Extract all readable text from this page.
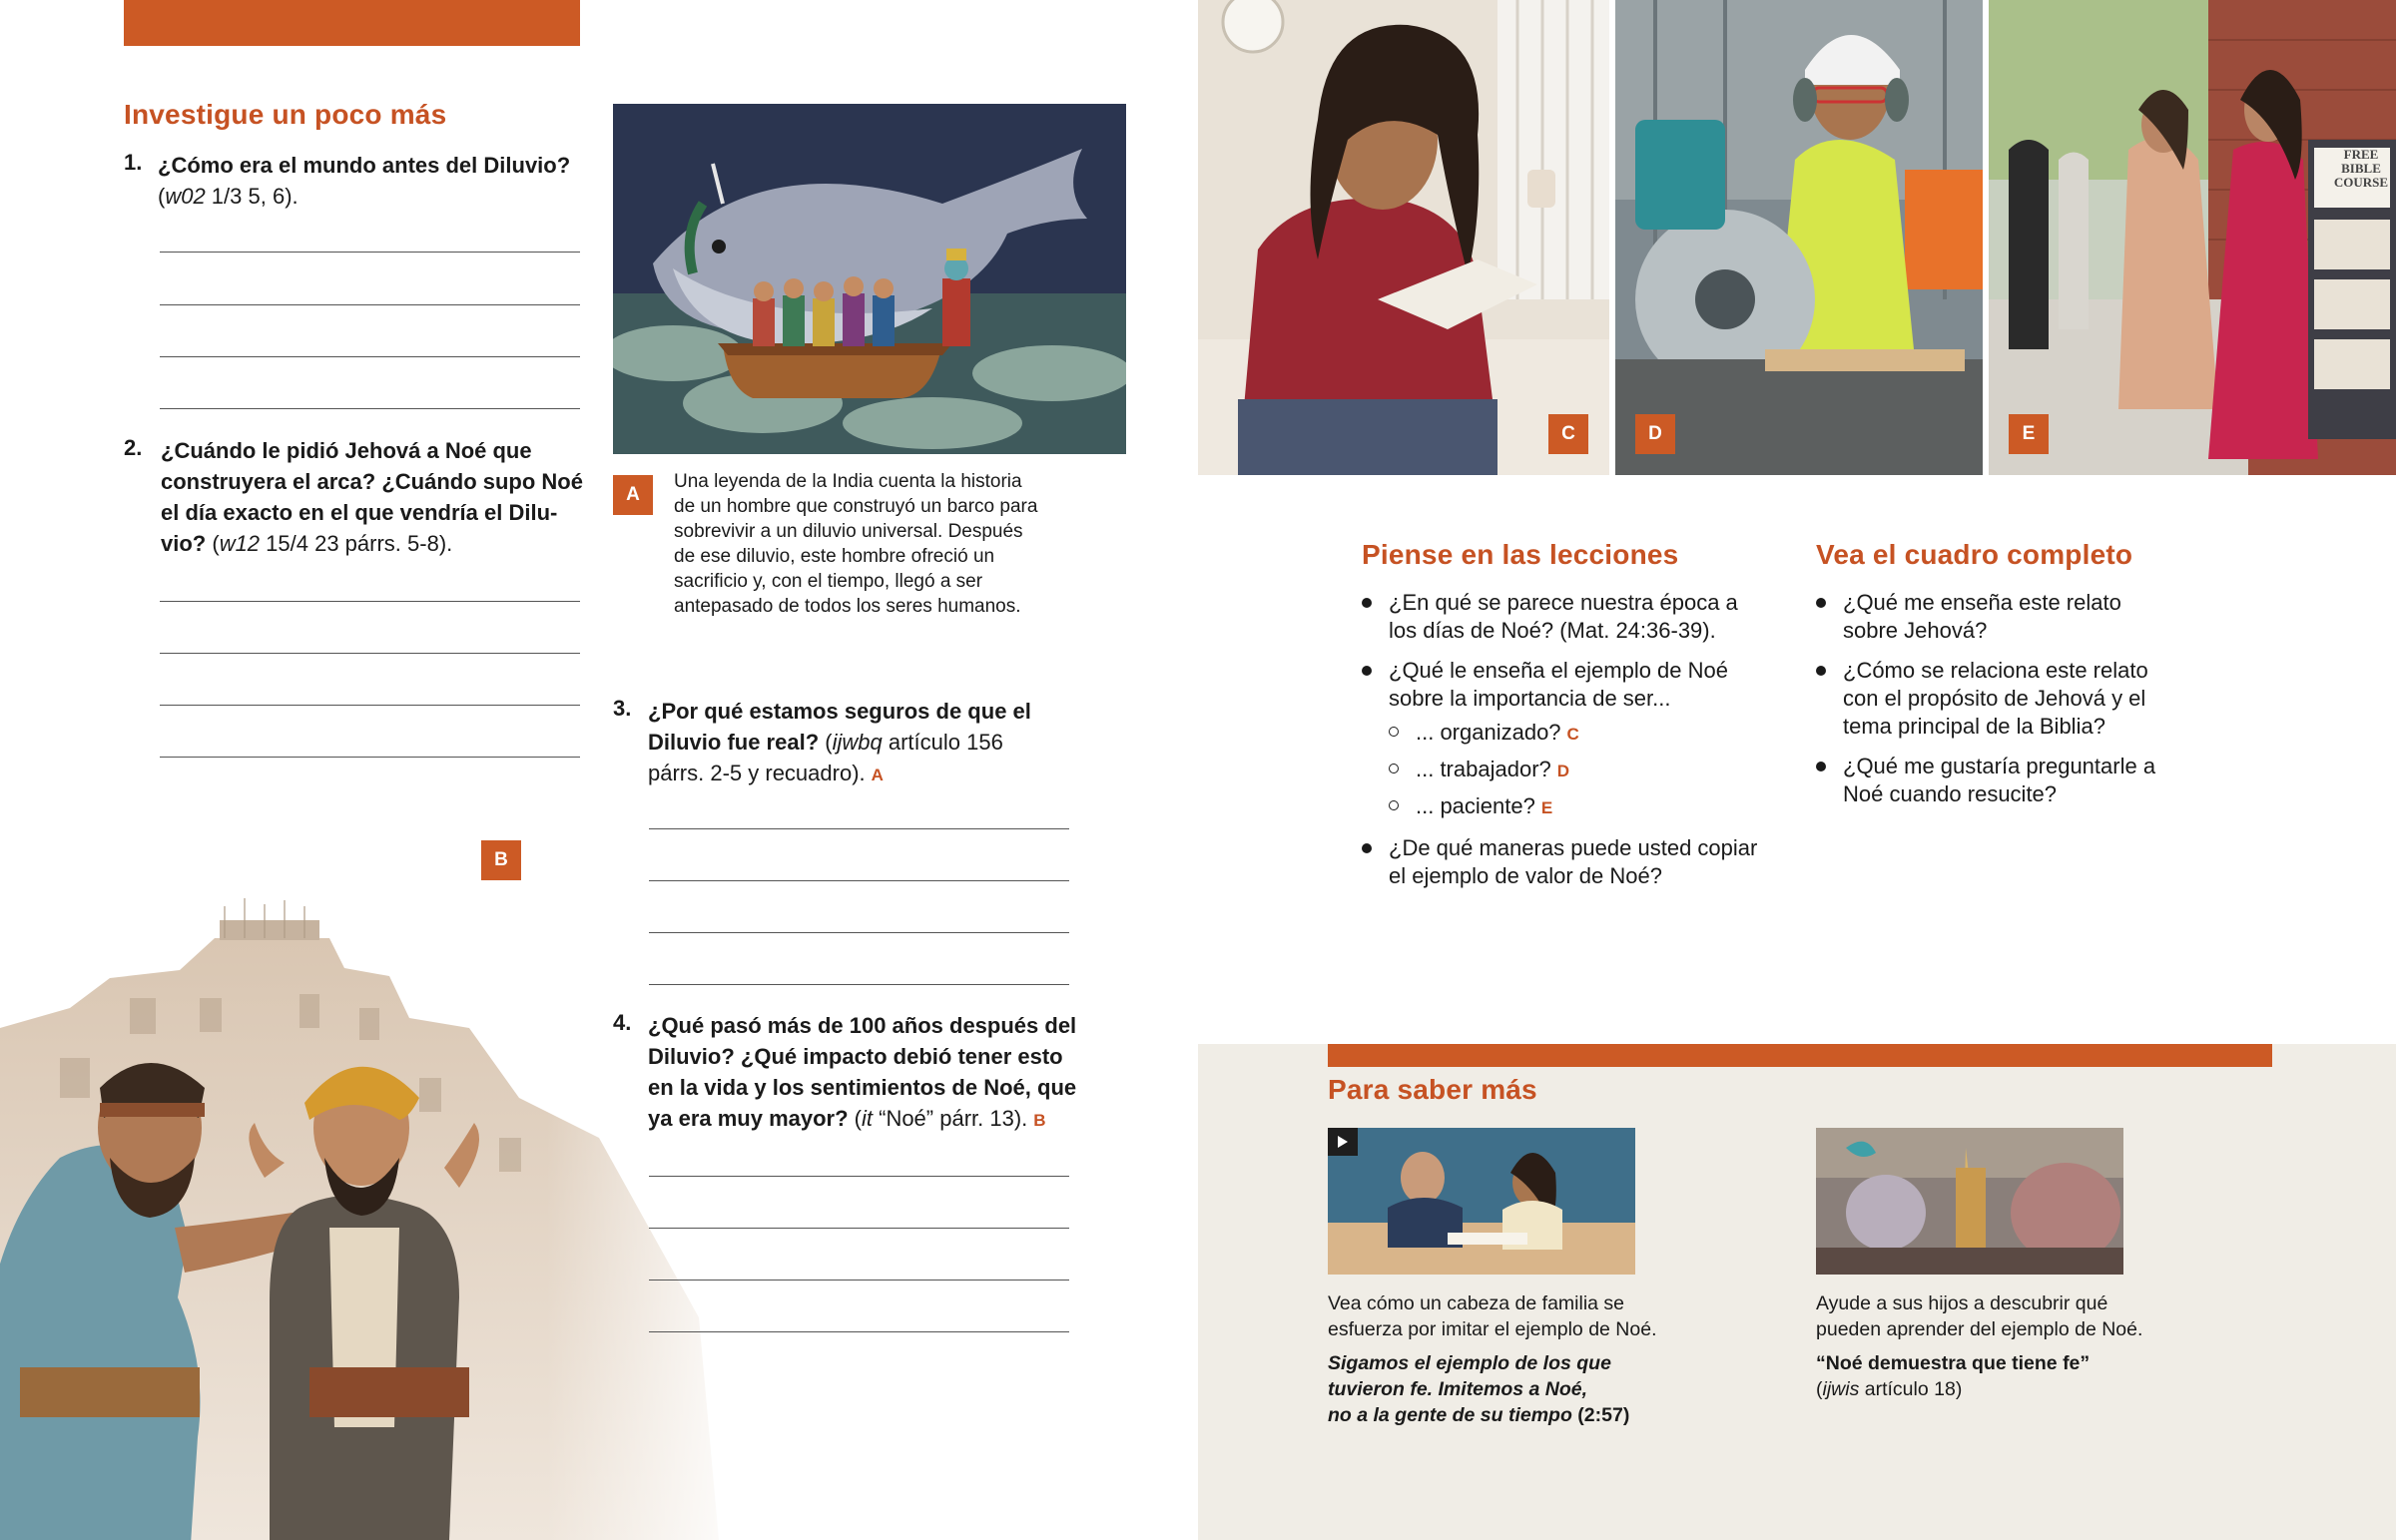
Investigue un poco más
1. ¿Cómo era el mundo antes del Diluvio?
(w02 1/3 5, 6).
2. ¿Cuándo le pidió Jehová a Noé que
construyera el arca? ¿Cuándo supo Noé
el día exacto en el que vendría el Dilu-
vio? (w12 15/4 23 párrs. 5-8).
B
A
Una leyenda de la India cuenta la historia
de un hombre que construyó un barco para
sobrevivir a un diluvio universal. Después
de ese diluvio, este hombre ofreció un
sacrificio y, con el tiempo, llegó a ser
antepasado de todos los seres humanos.
3. ¿Por qué estamos seguros de que el
Diluvio fue real? (ijwbq artículo 156
párrs. 2-5 y recuadro). A
4. ¿Qué pasó más de 100 años después del
Diluvio? ¿Qué impacto debió tener esto
en la vida y los sentimientos de Noé, que
ya era muy mayor? (it “Noé” párr. 13). B
C	D
FREE
BIBLE
COURSE
E
Piense en las lecciones
¿En qué se parece nuestra época a los días de Noé? (Mat. 24:36-39).
¿Qué le enseña el ejemplo de Noé sobre la importancia de ser...
... organizado? C
... trabajador? D
... paciente? E
¿De qué maneras puede usted copiar el ejemplo de valor de Noé?
Vea el cuadro completo
¿Qué me enseña este relato sobre Jehová?
¿Cómo se relaciona este relato con el propósito de Jehová y el tema principal de la Biblia?
¿Qué me gustaría preguntarle a Noé cuando resucite?
Para saber más
Vea cómo un cabeza de familia se
esfuerza por imitar el ejemplo de Noé.
Sigamos el ejemplo de los que
tuvieron fe. Imitemos a Noé,
no a la gente de su tiempo (2:57)
Ayude a sus hijos a descubrir qué
pueden aprender del ejemplo de Noé.
“Noé demuestra que tiene fe”
(ijwis artículo 18)
